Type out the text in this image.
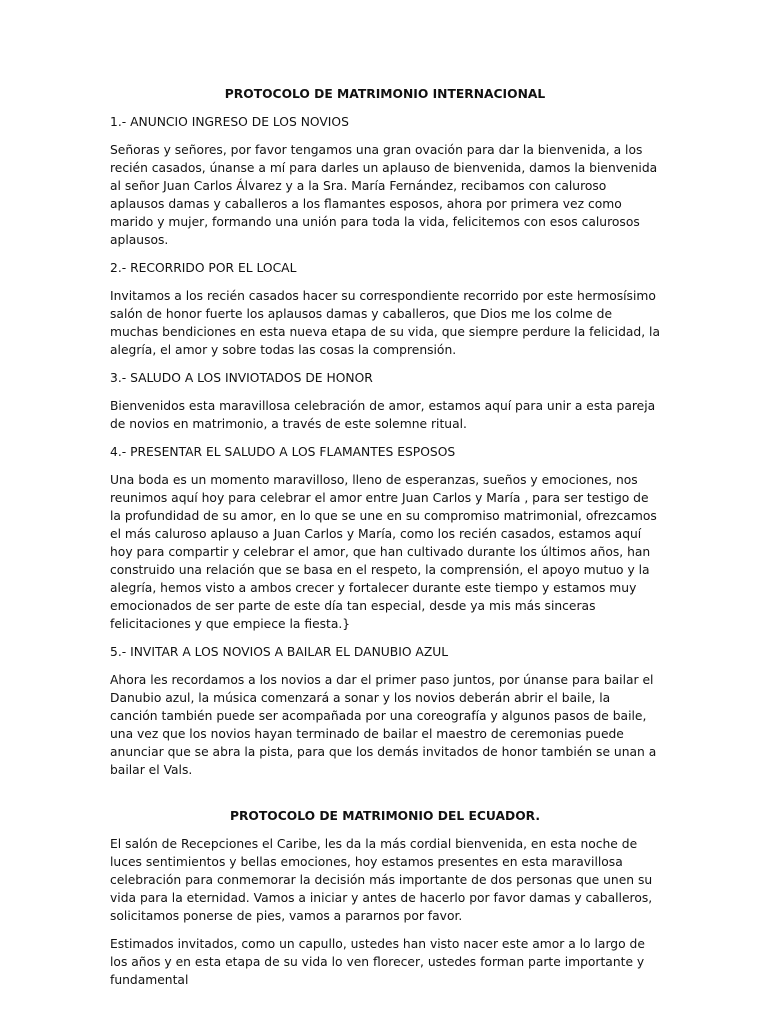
PROTOCOLO DE MATRIMONIO INTERNACIONAL
1.- ANUNCIO INGRESO DE LOS NOVIOS
Señoras y señores, por favor tengamos una gran ovación para dar la bienvenida, a los recién casados, únanse a mí para darles un aplauso de bienvenida, damos la bienvenida al señor Juan Carlos Álvarez y a la Sra. María Fernández, recibamos con caluroso aplausos damas y caballeros a los flamantes esposos, ahora por primera vez como marido y mujer, formando una unión para toda la vida, felicitemos con esos calurosos aplausos.
2.- RECORRIDO POR EL LOCAL
Invitamos a los recién casados hacer su correspondiente recorrido por este hermosísimo salón de honor fuerte los aplausos damas y caballeros, que Dios me los colme de muchas bendiciones en esta nueva etapa de su vida, que siempre perdure la felicidad, la alegría, el amor y sobre todas las cosas la comprensión.
3.- SALUDO A LOS INVIOTADOS DE HONOR
Bienvenidos esta maravillosa celebración de amor, estamos aquí para unir a esta pareja de novios en matrimonio, a través de este solemne ritual.
4.- PRESENTAR EL SALUDO A LOS FLAMANTES ESPOSOS
Una boda es un momento maravilloso, lleno de esperanzas, sueños y emociones, nos reunimos aquí hoy para celebrar el amor entre Juan Carlos y María , para ser testigo de la profundidad de su amor, en lo que se une en su compromiso matrimonial, ofrezcamos el más caluroso aplauso a Juan Carlos y María, como los recién casados, estamos aquí hoy para compartir y celebrar el amor, que han cultivado durante los últimos años, han construido una relación que se basa en el respeto, la comprensión, el apoyo mutuo y la alegría, hemos visto a ambos crecer y fortalecer durante este tiempo y estamos muy emocionados de ser parte de este día tan especial, desde ya mis más sinceras felicitaciones y que empiece la fiesta.}
5.- INVITAR A LOS NOVIOS A BAILAR EL DANUBIO AZUL
Ahora les recordamos a los novios a dar el primer paso juntos, por únanse para bailar el Danubio azul, la música comenzará a sonar y los novios deberán abrir el baile, la canción también puede ser acompañada por una coreografía y algunos pasos de baile, una vez que los novios hayan terminado de bailar el maestro de ceremonias puede anunciar que se abra la pista, para que los demás invitados de honor también se unan a bailar el Vals.
PROTOCOLO DE MATRIMONIO DEL ECUADOR.
El salón de Recepciones el Caribe, les da la más cordial bienvenida, en esta noche de luces sentimientos y bellas emociones, hoy estamos presentes en esta maravillosa celebración para conmemorar la decisión más importante de dos personas que unen su vida para la eternidad. Vamos a iniciar y antes de hacerlo por favor damas y caballeros, solicitamos ponerse de pies, vamos a pararnos por favor.
Estimados invitados, como un capullo, ustedes han visto nacer este amor a lo largo de los años y en esta etapa de su vida lo ven florecer, ustedes forman parte importante y fundamental
